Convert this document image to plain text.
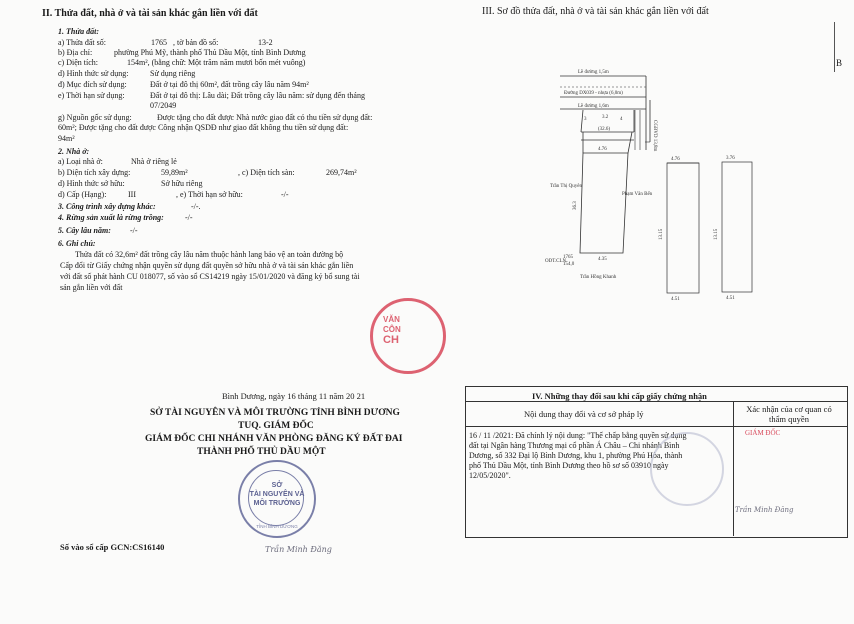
II. Thửa đất, nhà ở và tài sản khác gắn liền với đất
1. Thửa đất:
a) Thửa đất số:	1765 , tờ bản đồ số:	13-2
b) Địa chỉ:	phường Phú Mỹ, thành phố Thủ Dầu Một, tỉnh Bình Dương
c) Diện tích:	154m², (bằng chữ: Một trăm năm mươi bốn mét vuông)
d) Hình thức sử dụng:	Sử dụng riêng
đ) Mục đích sử dụng:	Đất ở tại đô thị 60m², đất trồng cây lâu năm 94m²
e) Thời hạn sử dụng:	Đất ở tại đô thị: Lâu dài; Đất trồng cây lâu năm: sử dụng đến tháng
07/2049
g) Nguồn gốc sử dụng:	Được tặng cho đất được Nhà nước giao đất có thu tiền sử dụng đất:
60m²; Được tặng cho đất được Công nhận QSDĐ như giao đất không thu tiền sử dụng đất:
94m²
2. Nhà ở:
a) Loại nhà ở:	Nhà ở riêng lẻ
b) Diện tích xây dựng:	59,89m²	, c) Diện tích sàn:	269,74m²
d) Hình thức sở hữu:	Sở hữu riêng
d) Cấp (Hạng):	III	, e) Thời hạn sở hữu:	-/-
3. Công trình xây dựng khác:	-/-.
4. Rừng sản xuất là rừng trồng:	-/-
5. Cây lâu năm: -/-
6. Ghi chú:
Thửa đất có 32,6m² đất trồng cây lâu năm thuộc hành lang bảo vệ an toàn đường bộ
Cấp đổi từ Giấy chứng nhận quyền sử dụng đất quyền sở hữu nhà ở và tài sản khác gắn liền
với đất số phát hành CU 018077, số vào sổ CS14219 ngày 15/01/2020 và đăng ký bổ sung tài
sản gắn liền với đất
VĂN
CÔN
CH
Bình Dương, ngày 16 tháng 11 năm 20 21
SỞ TÀI NGUYÊN VÀ MÔI TRƯỜNG TỈNH BÌNH DƯƠNG
TUQ. GIÁM ĐỐC
GIÁM ĐỐC CHI NHÁNH VĂN PHÒNG ĐĂNG KÝ ĐẤT ĐAI
THÀNH PHỐ THỦ DẦU MỘT
SỞ
TÀI NGUYÊN VÀ
MÔI TRƯỜNG
TỈNH BÌNH DƯƠNG
Trần Minh Đăng
Số vào sổ cấp GCN:CS16140
III. Sơ đồ thửa đất, nhà ở và tài sản khác gắn liền với đất
B
Lề đường 1,5m
Đường DX039 - nhựa (6,0m)
Lề đường 1,6m
3	3.2 4
(32.6)
4.76
4.35
Trần Thị Quyên
Phạm Văn Bến
Trần Hồng Khanh
1765
154,0
ODT.CLN
4.76
4.51
3.76
4.51
CGBVD 13,8m
36.3
13.15	13.15
IV. Những thay đổi sau khi cấp giấy chứng nhận
Nội dung thay đổi và cơ sở pháp lý	Xác nhận của cơ quan có thẩm quyền
16 / 11 /2021: Đã chính lý nội dung: "Thế chấp bằng quyền sử dụng
đất tại Ngân hàng Thương mại cổ phần Á Châu – Chi nhánh Bình
Dương, số 332 Đại lộ Bình Dương, khu 1, phường Phú Hòa, thành
phố Thủ Dầu Một, tỉnh Bình Dương theo hồ sơ số 03910 ngày
12/05/2020".
GIÁM ĐỐC
Trần Minh Đăng
